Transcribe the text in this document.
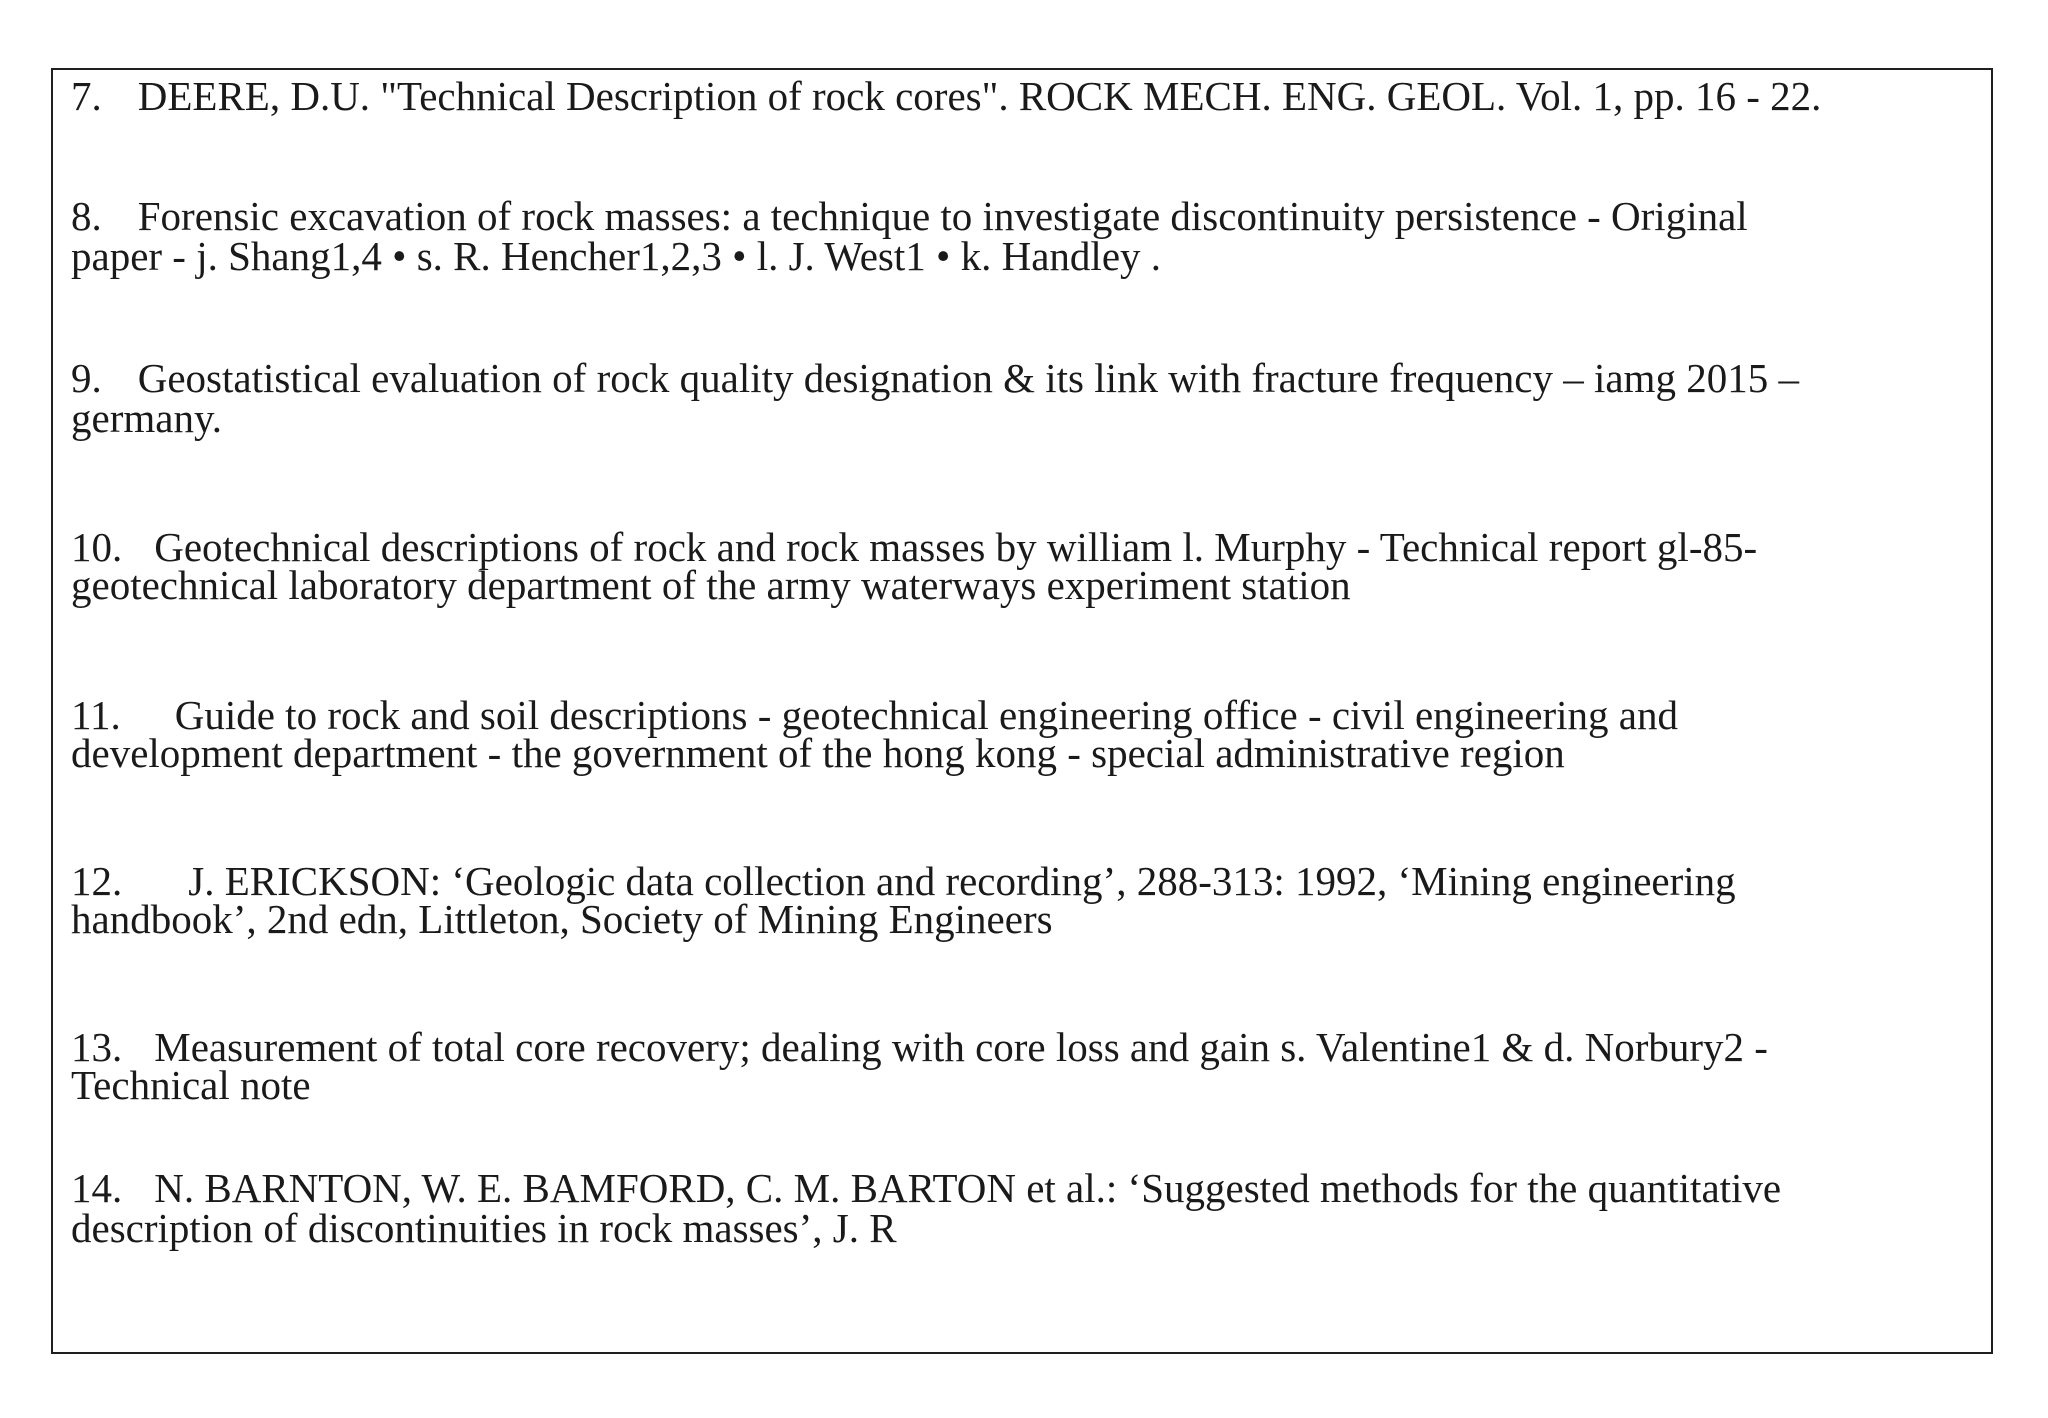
7. DEERE, D.U. "Technical Description of rock cores". ROCK MECH. ENG. GEOL. Vol. 1, pp. 16 - 22.
8. Forensic excavation of rock masses: a technique to investigate discontinuity persistence - Original
paper - j. Shang1,4 • s. R. Hencher1,2,3 • l. J. West1 • k. Handley .
9. Geostatistical evaluation of rock quality designation & its link with fracture frequency – iamg 2015 –
germany.
10. Geotechnical descriptions of rock and rock masses by william l. Murphy - Technical report gl-85-
geotechnical laboratory department of the army waterways experiment station
11. Guide to rock and soil descriptions - geotechnical engineering office - civil engineering and
development department - the government of the hong kong - special administrative region
12. J. ERICKSON: ‘Geologic data collection and recording’, 288-313: 1992, ‘Mining engineering
handbook’, 2nd edn, Littleton, Society of Mining Engineers
13. Measurement of total core recovery; dealing with core loss and gain s. Valentine1 & d. Norbury2 -
Technical note
14. N. BARNTON, W. E. BAMFORD, C. M. BARTON et al.: ‘Suggested methods for the quantitative
description of discontinuities in rock masses’, J. R
